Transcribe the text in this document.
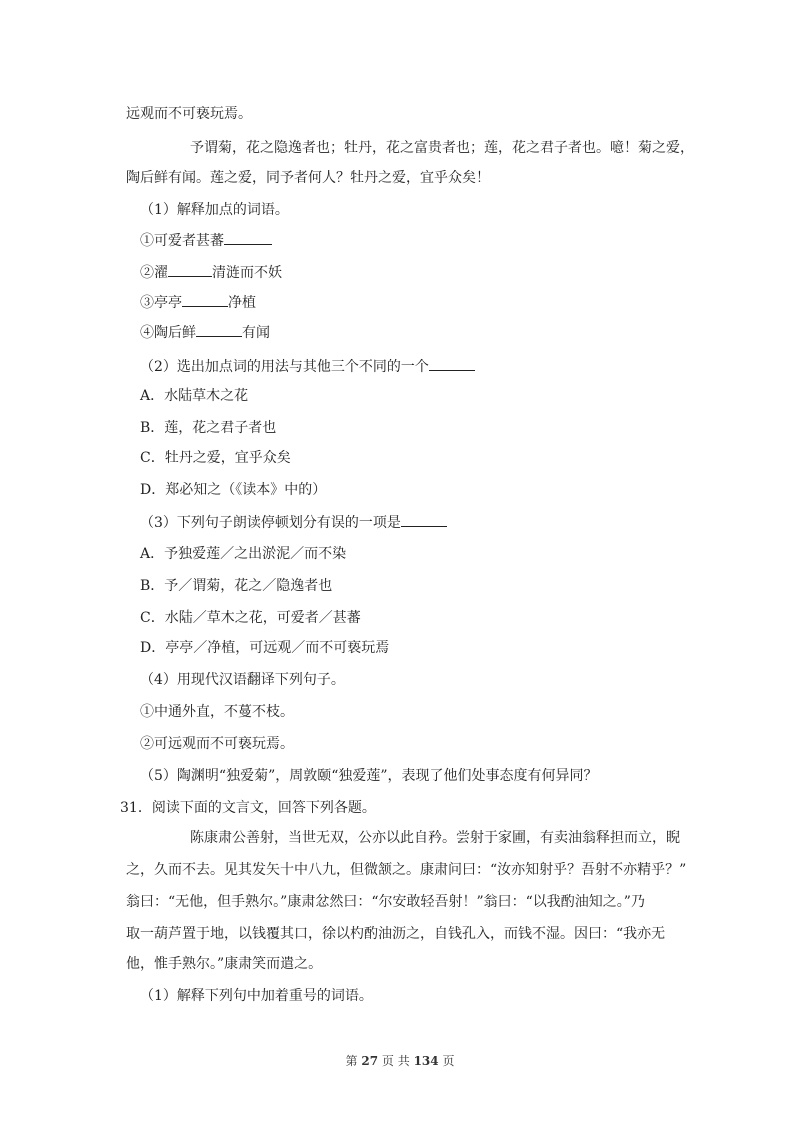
远观而不可亵玩焉。
予谓菊，花之隐逸者也；牡丹，花之富贵者也；莲，花之君子者也。噫！菊之爱，
陶后鲜有闻。莲之爱，同予者何人？牡丹之爱，宜乎众矣！
（1）解释加点的词语。
①可爱者甚蕃
②濯	清涟而不妖
③亭亭	净植
④陶后鲜	有闻
（2）选出加点词的用法与其他三个不同的一个
A．水陆草木之花
B．莲，花之君子者也
C．牡丹之爱，宜乎众矣
D．郑必知之（《读本》中的）
（3）下列句子朗读停顿划分有误的一项是
A．予独爱莲／之出淤泥／而不染
B．予／谓菊，花之／隐逸者也
C．水陆／草木之花，可爱者／甚蕃
D．亭亭／净植，可远观／而不可亵玩焉
（4）用现代汉语翻译下列句子。
①中通外直，不蔓不枝。
②可远观而不可亵玩焉。
（5）陶渊明“独爱菊”，周敦颐“独爱莲”，表现了他们处事态度有何异同？
31．阅读下面的文言文，回答下列各题。
陈康肃公善射，当世无双，公亦以此自矜。尝射于家圃，有卖油翁释担而立，睨
之，久而不去。见其发矢十中八九，但微颔之。康肃问曰：“汝亦知射乎？吾射不亦精乎？”
翁曰：“无他，但手熟尔。”康肃忿然曰：“尔安敢轻吾射！”翁曰：“以我酌油知之。”乃
取一葫芦置于地，以钱覆其口，徐以杓酌油沥之，自钱孔入，而钱不湿。因曰：“我亦无
他，惟手熟尔。”康肃笑而遣之。
（1）解释下列句中加着重号的词语。
第 27 页 共 134 页
